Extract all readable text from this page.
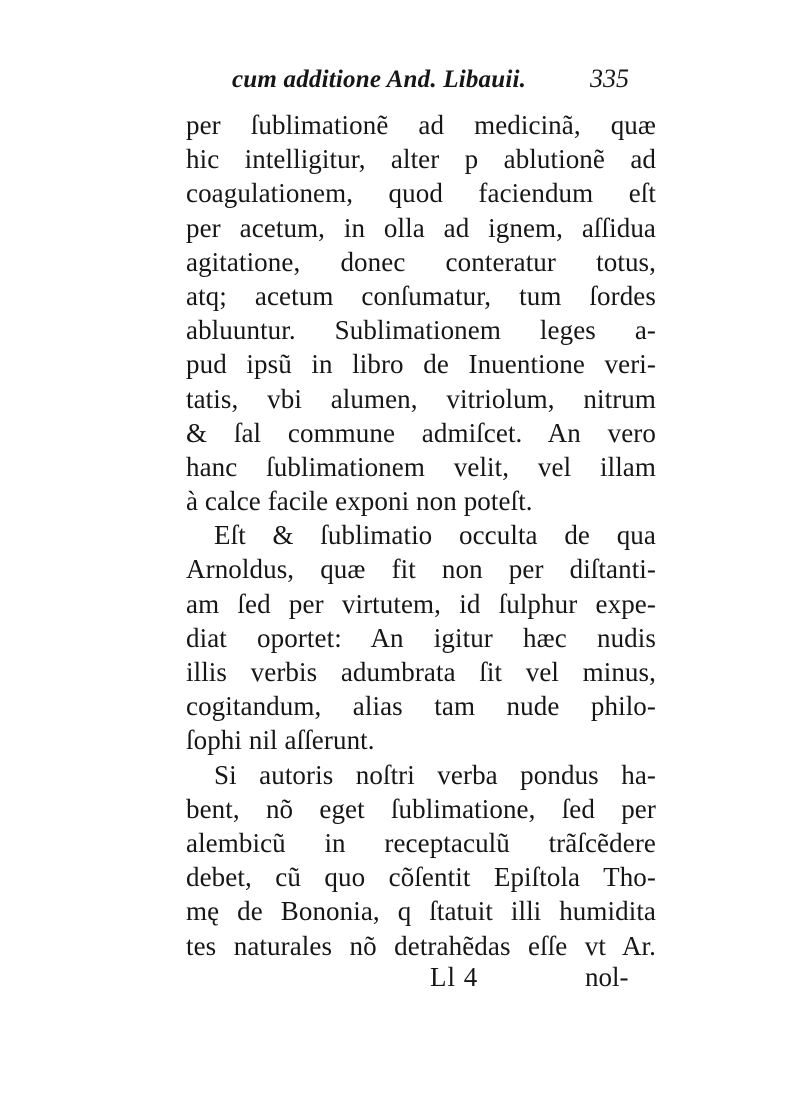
cum additione And. Libauii. 335
per ſublimationẽ ad medicinã, quæ
hic intelligitur, alter p ablutionẽ ad
coagulationem, quod faciendum eſt
per acetum, in olla ad ignem, aſſidua
agitatione, donec conteratur totus,
atq; acetum conſumatur, tum ſordes
abluuntur. Sublimationem leges a-
pud ipsũ in libro de Inuentione veri-
tatis, vbi alumen, vitriolum, nitrum
& ſal commune admiſcet. An vero
hanc ſublimationem velit, vel illam
à calce facile exponi non poteſt.
Eſt & ſublimatio occulta de qua
Arnoldus, quæ fit non per diſtanti-
am ſed per virtutem, id ſulphur expe-
diat oportet: An igitur hæc nudis
illis verbis adumbrata ſit vel minus,
cogitandum, alias tam nude philo-
ſophi nil aſſerunt.
Si autoris noſtri verba pondus ha-
bent, nõ eget ſublimatione, ſed per
alembicũ in receptaculũ trãſcẽdere
debet, cũ quo cõſentit Epiſtola Tho-
mę de Bononia, q ſtatuit illi humidita
tes naturales nõ detrahẽdas eſſe vt Ar.
Ll 4	nol-
